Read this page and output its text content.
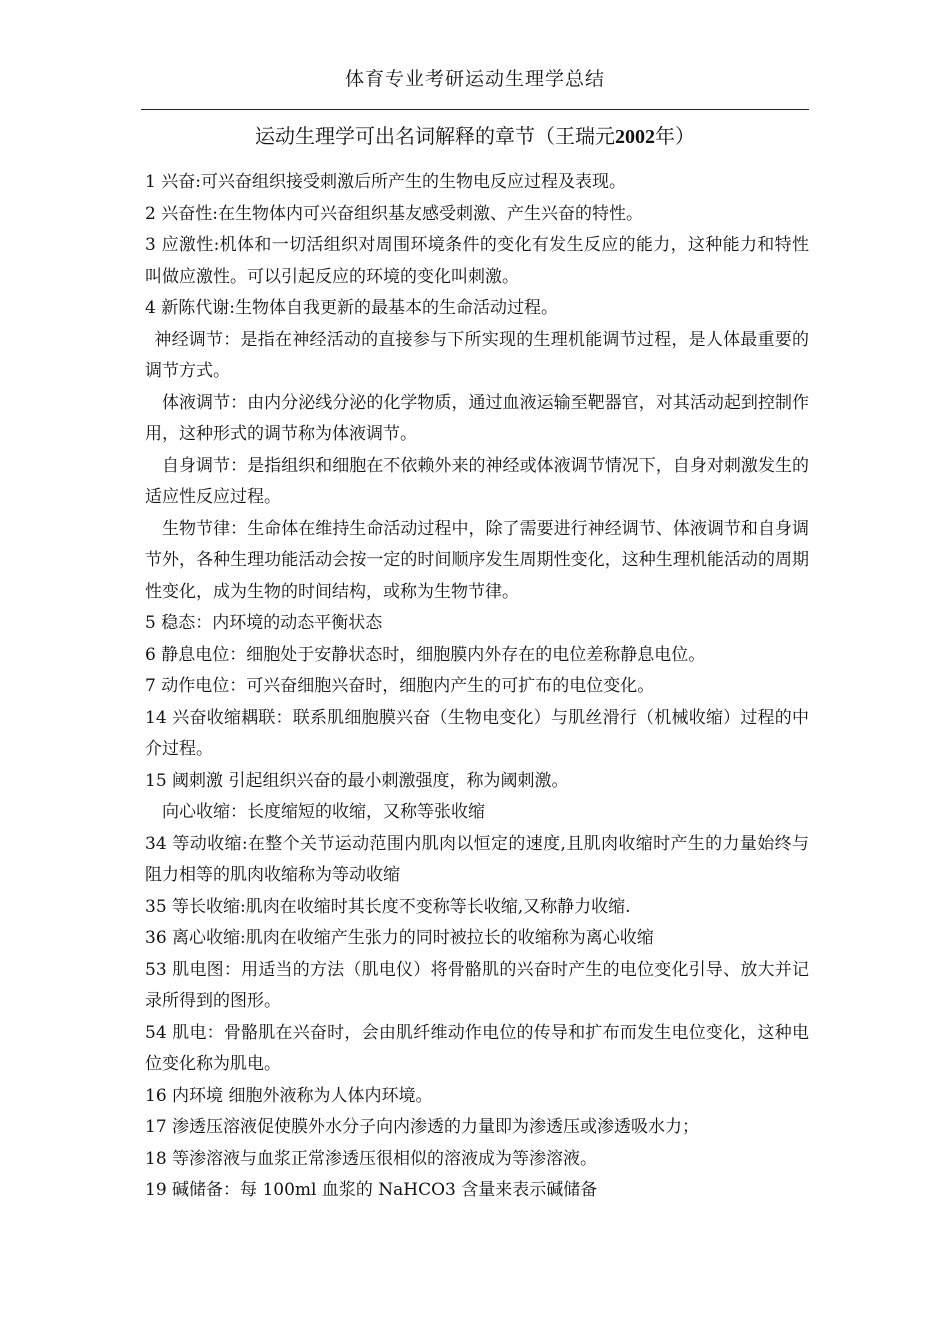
体育专业考研运动生理学总结
运动生理学可出名词解释的章节（王瑞元2002年）

1 兴奋:可兴奋组织接受刺激后所产生的生物电反应过程及表现。

2 兴奋性:在生物体内可兴奋组织基友感受刺激、产生兴奋的特性。

3 应激性:机体和一切活组织对周围环境条件的变化有发生反应的能力，这种能力和特性叫做应激性。可以引起反应的环境的变化叫刺激。

4 新陈代谢:生物体自我更新的最基本的生命活动过程。

神经调节：是指在神经活动的直接参与下所实现的生理机能调节过程，是人体最重要的调节方式。

体液调节：由内分泌线分泌的化学物质，通过血液运输至靶器官，对其活动起到控制作用，这种形式的调节称为体液调节。

自身调节：是指组织和细胞在不依赖外来的神经或体液调节情况下，自身对刺激发生的适应性反应过程。

生物节律：生命体在维持生命活动过程中，除了需要进行神经调节、体液调节和自身调节外，各种生理功能活动会按一定的时间顺序发生周期性变化，这种生理机能活动的周期性变化，成为生物的时间结构，或称为生物节律。

5 稳态：内环境的动态平衡状态

6 静息电位：细胞处于安静状态时，细胞膜内外存在的电位差称静息电位。

7 动作电位：可兴奋细胞兴奋时，细胞内产生的可扩布的电位变化。

14 兴奋收缩耦联：联系肌细胞膜兴奋（生物电变化）与肌丝滑行（机械收缩）过程的中介过程。

15 阈刺激 引起组织兴奋的最小刺激强度，称为阈刺激。

向心收缩：长度缩短的收缩，又称等张收缩

34 等动收缩:在整个关节运动范围内肌肉以恒定的速度,且肌肉收缩时产生的力量始终与阻力相等的肌肉收缩称为等动收缩

35 等长收缩:肌肉在收缩时其长度不变称等长收缩,又称静力收缩.

36 离心收缩:肌肉在收缩产生张力的同时被拉长的收缩称为离心收缩

53 肌电图：用适当的方法（肌电仪）将骨骼肌的兴奋时产生的电位变化引导、放大并记录所得到的图形。

54 肌电：骨骼肌在兴奋时，会由肌纤维动作电位的传导和扩布而发生电位变化，这种电位变化称为肌电。

16 内环境 细胞外液称为人体内环境。

17 渗透压溶液促使膜外水分子向内渗透的力量即为渗透压或渗透吸水力；

18 等渗溶液与血浆正常渗透压很相似的溶液成为等渗溶液。

19 碱储备：每 100ml 血浆的 NaHCO3 含量来表示碱储备
